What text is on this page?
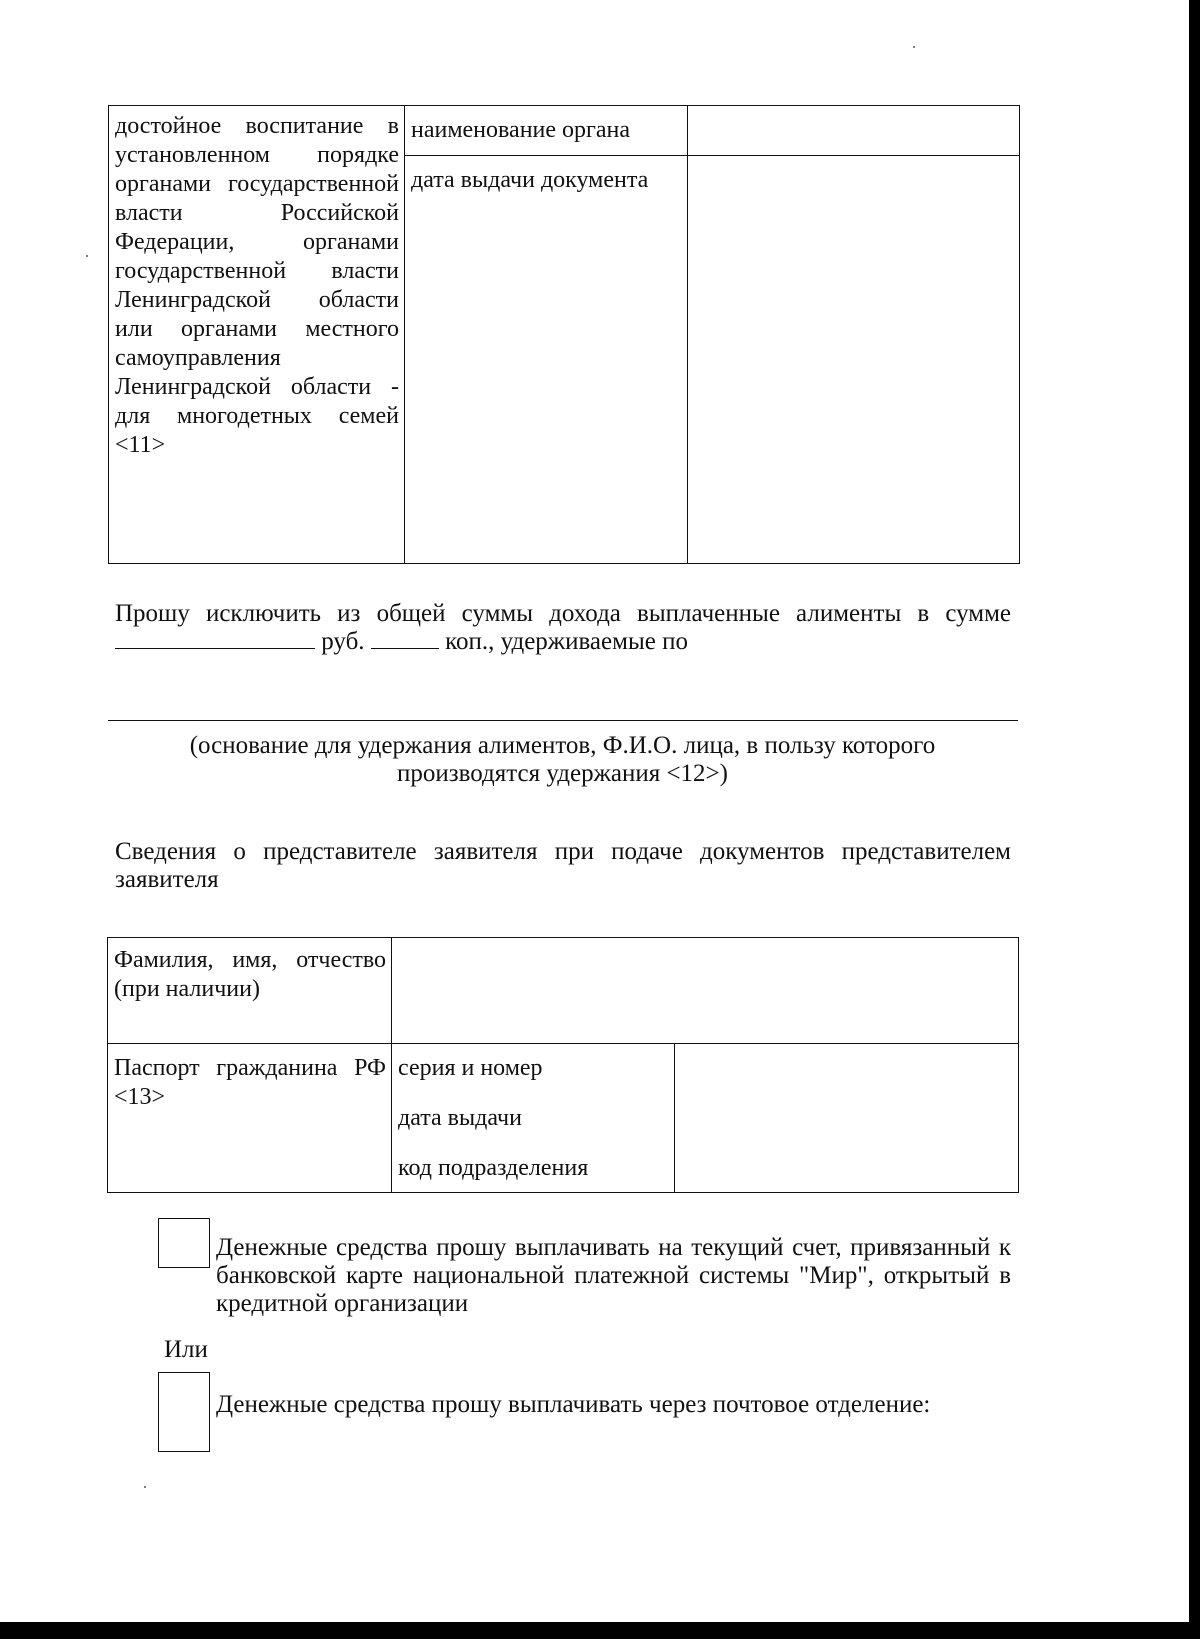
достойное воспитание в установленном порядке органами государственной власти Российской Федерации, органами государственной власти Ленинградской области или органами местного самоуправления Ленинградской области - для многодетных семей <11>	наименование органа	

	дата выдачи документа	

Прошу исключить из общей суммы дохода выплаченные алименты в сумме  руб.	коп., удерживаемые по
(основание для удержания алиментов, Ф.И.О. лица, в пользу которого производятся удержания <12>)
Сведения о представителе заявителя при подаче документов представителем заявителя
Фамилия, имя, отчество (при наличии)		

Паспорт гражданина РФ <13>	серия и номер
дата выдачи
код подразделения	

Денежные средства прошу выплачивать на текущий счет, привязанный к банковской карте национальной платежной системы "Мир", открытый в кредитной организации
Или
Денежные средства прошу выплачивать через почтовое отделение:
